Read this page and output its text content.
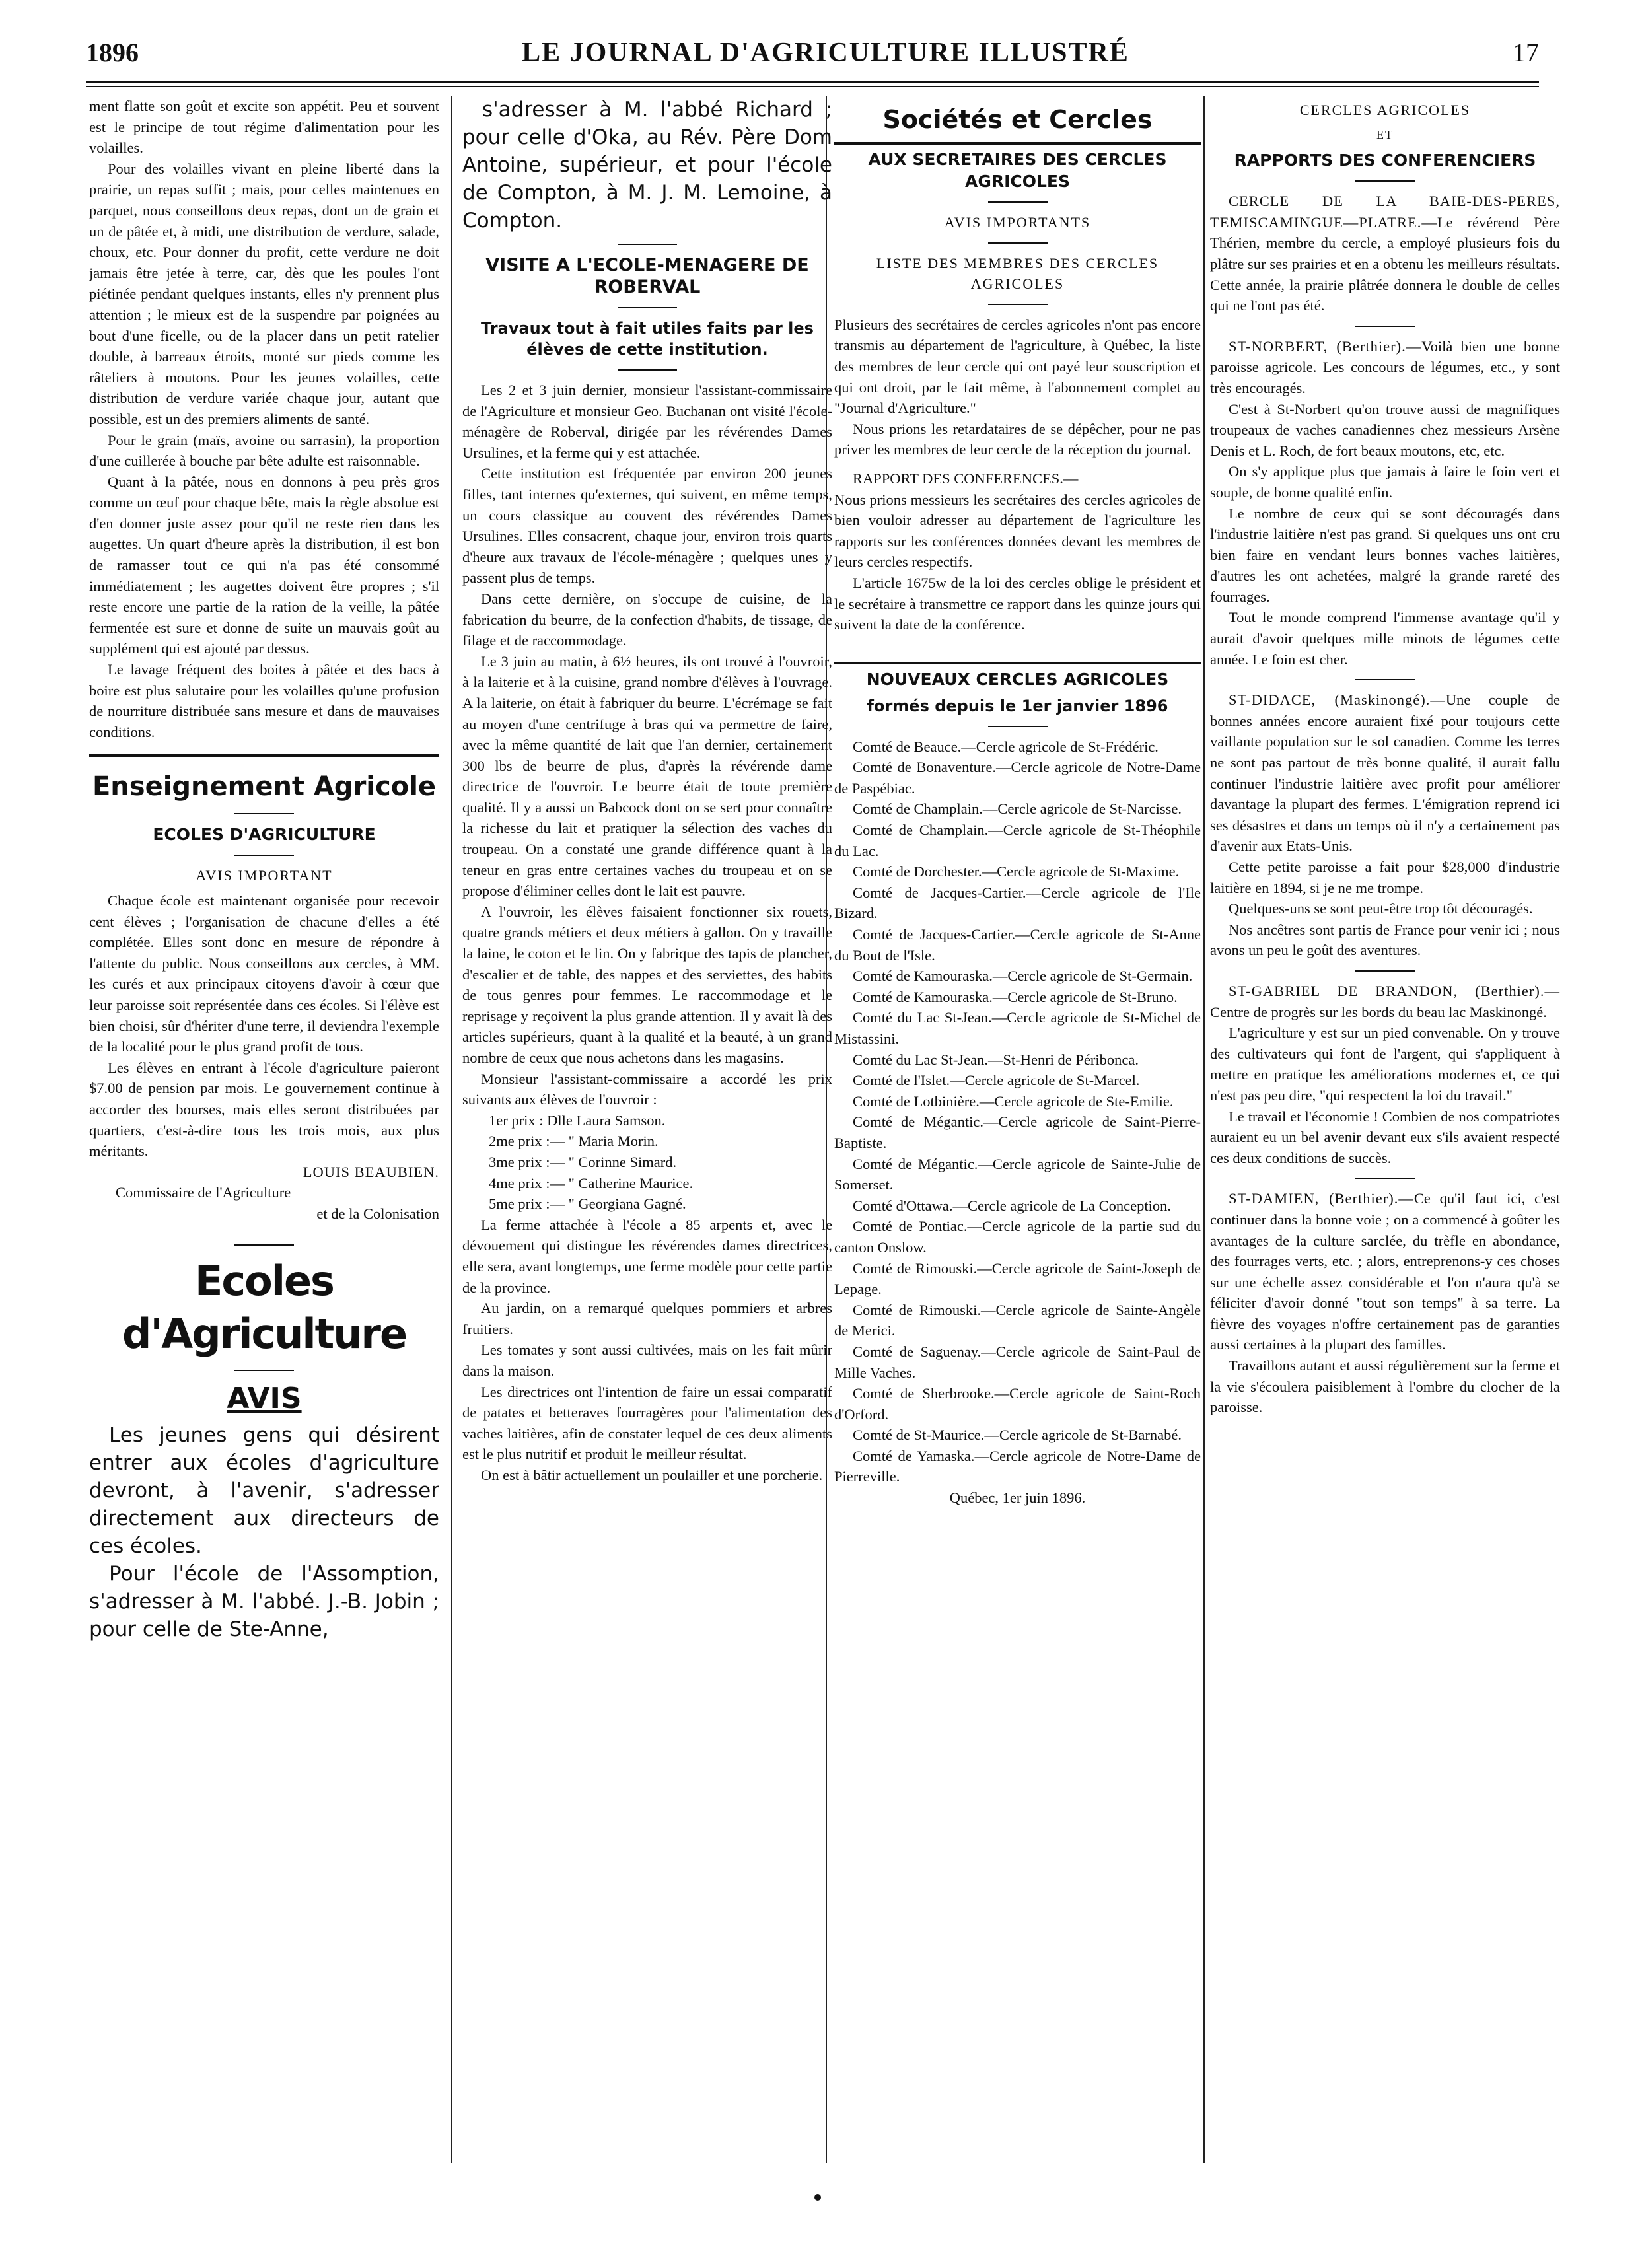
1896	LE JOURNAL D'AGRICULTURE ILLUSTRÉ	17

ment flatte son goût et excite son appétit. Peu et souvent est le principe de tout régime d'alimentation pour les volailles.

Pour des volailles vivant en pleine liberté dans la prairie, un repas suffit ; mais, pour celles maintenues en parquet, nous conseillons deux repas, dont un de grain et un de pâtée et, à midi, une distribution de verdure, salade, choux, etc. Pour donner du profit, cette verdure ne doit jamais être jetée à terre, car, dès que les poules l'ont piétinée pendant quelques instants, elles n'y prennent plus attention ; le mieux est de la suspendre par poignées au bout d'une ficelle, ou de la placer dans un petit ratelier double, à barreaux étroits, monté sur pieds comme les râteliers à moutons. Pour les jeunes volailles, cette distribution de verdure variée chaque jour, autant que possible, est un des premiers aliments de santé.

Pour le grain (maïs, avoine ou sarrasin), la proportion d'une cuillerée à bouche par bête adulte est raisonnable.

Quant à la pâtée, nous en donnons à peu près gros comme un œuf pour chaque bête, mais la règle absolue est d'en donner juste assez pour qu'il ne reste rien dans les augettes. Un quart d'heure après la distribution, il est bon de ramasser tout ce qui n'a pas été consommé immédiatement ; les augettes doivent être propres ; s'il reste encore une partie de la ration de la veille, la pâtée fermentée est sure et donne de suite un mauvais goût au supplément qui est ajouté par dessus.

Le lavage fréquent des boites à pâtée et des bacs à boire est plus salutaire pour les volailles qu'une profusion de nourriture distribuée sans mesure et dans de mauvaises conditions.

Enseignement Agricole
ECOLES D'AGRICULTURE
AVIS IMPORTANT

Chaque école est maintenant organisée pour recevoir cent élèves ; l'organisation de chacune d'elles a été complétée. Elles sont donc en mesure de répondre à l'attente du public. Nous conseillons aux cercles, à MM. les curés et aux principaux citoyens d'avoir à cœur que leur paroisse soit représentée dans ces écoles. Si l'élève est bien choisi, sûr d'hériter d'une terre, il deviendra l'exemple de la localité pour le plus grand profit de tous.

Les élèves en entrant à l'école d'agriculture paieront $7.00 de pension par mois. Le gouvernement continue à accorder des bourses, mais elles seront distribuées par quartiers, c'est-à-dire tous les trois mois, aux plus méritants.

LOUIS BEAUBIEN.

Commissaire de l'Agriculture

et de la Colonisation

Ecoles d'Agriculture
AVIS

Les jeunes gens qui désirent entrer aux écoles d'agriculture devront, à l'avenir, s'adresser directement aux directeurs de ces écoles.

Pour l'école de l'Assomption, s'adresser à M. l'abbé. J.-B. Jobin ; pour celle de Ste-Anne,

s'adresser à M. l'abbé Richard ; pour celle d'Oka, au Rév. Père Dom Antoine, supérieur, et pour l'école de Compton, à M. J. M. Lemoine, à Compton.

VISITE A L'ECOLE-MENAGERE DE ROBERVAL
Travaux tout à fait utiles faits par les élèves de cette institution.

Les 2 et 3 juin dernier, monsieur l'assistant-commissaire de l'Agriculture et monsieur Geo. Buchanan ont visité l'école-ménagère de Roberval, dirigée par les révérendes Dames Ursulines, et la ferme qui y est attachée.

Cette institution est fréquentée par environ 200 jeunes filles, tant internes qu'externes, qui suivent, en même temps, un cours classique au couvent des révérendes Dames Ursulines. Elles consacrent, chaque jour, environ trois quarts d'heure aux travaux de l'école-ménagère ; quelques unes y passent plus de temps.

Dans cette dernière, on s'occupe de cuisine, de la fabrication du beurre, de la confection d'habits, de tissage, de filage et de raccommodage.

Le 3 juin au matin, à 6½ heures, ils ont trouvé à l'ouvroir, à la laiterie et à la cuisine, grand nombre d'élèves à l'ouvrage. A la laiterie, on était à fabriquer du beurre. L'écrémage se fait au moyen d'une centrifuge à bras qui va permettre de faire, avec la même quantité de lait que l'an dernier, certainement 300 lbs de beurre de plus, d'après la révérende dame directrice de l'ouvroir. Le beurre était de toute première qualité. Il y a aussi un Babcock dont on se sert pour connaître la richesse du lait et pratiquer la sélection des vaches du troupeau. On a constaté une grande différence quant à la teneur en gras entre certaines vaches du troupeau et on se propose d'éliminer celles dont le lait est pauvre.

A l'ouvroir, les élèves faisaient fonctionner six rouets, quatre grands métiers et deux métiers à gallon. On y travaille la laine, le coton et le lin. On y fabrique des tapis de plancher, d'escalier et de table, des nappes et des serviettes, des habits de tous genres pour femmes. Le raccommodage et le reprisage y reçoivent la plus grande attention. Il y avait là des articles supérieurs, quant à la qualité et la beauté, à un grand nombre de ceux que nous achetons dans les magasins.

Monsieur l'assistant-commissaire a accordé les prix suivants aux élèves de l'ouvroir :

1er prix : Dlle Laura Samson.

2me prix :— " Maria Morin.

3me prix :— " Corinne Simard.

4me prix :— " Catherine Maurice.

5me prix :— " Georgiana Gagné.

La ferme attachée à l'école a 85 arpents et, avec le dévouement qui distingue les révérendes dames directrices, elle sera, avant longtemps, une ferme modèle pour cette partie de la province.

Au jardin, on a remarqué quelques pommiers et arbres fruitiers.

Les tomates y sont aussi cultivées, mais on les fait mûrir dans la maison.

Les directrices ont l'intention de faire un essai comparatif de patates et betteraves fourragères pour l'alimentation des vaches laitières, afin de constater lequel de ces deux aliments est le plus nutritif et produit le meilleur résultat.

On est à bâtir actuellement un poulailler et une porcherie.

Sociétés et Cercles
AUX SECRETAIRES DES CERCLES AGRICOLES
AVIS IMPORTANTS
LISTE DES MEMBRES DES CERCLES AGRICOLES

Plusieurs des secrétaires de cercles agricoles n'ont pas encore transmis au département de l'agriculture, à Québec, la liste des membres de leur cercle qui ont payé leur souscription et qui ont droit, par le fait même, à l'abonnement complet au "Journal d'Agriculture."

Nous prions les retardataires de se dépêcher, pour ne pas priver les membres de leur cercle de la réception du journal.

RAPPORT DES CONFERENCES.—

Nous prions messieurs les secrétaires des cercles agricoles de bien vouloir adresser au département de l'agriculture les rapports sur les conférences données devant les membres de leurs cercles respectifs.

L'article 1675w de la loi des cercles oblige le président et le secrétaire à transmettre ce rapport dans les quinze jours qui suivent la date de la conférence.

NOUVEAUX CERCLES AGRICOLES
formés depuis le 1er janvier 1896

Comté de Beauce.—Cercle agricole de St-Frédéric.

Comté de Bonaventure.—Cercle agricole de Notre-Dame de Paspébiac.

Comté de Champlain.—Cercle agricole de St-Narcisse.

Comté de Champlain.—Cercle agricole de St-Théophile du Lac.

Comté de Dorchester.—Cercle agricole de St-Maxime.

Comté de Jacques-Cartier.—Cercle agricole de l'Ile Bizard.

Comté de Jacques-Cartier.—Cercle agricole de St-Anne du Bout de l'Isle.

Comté de Kamouraska.—Cercle agricole de St-Germain.

Comté de Kamouraska.—Cercle agricole de St-Bruno.

Comté du Lac St-Jean.—Cercle agricole de St-Michel de Mistassini.

Comté du Lac St-Jean.—St-Henri de Péribonca.

Comté de l'Islet.—Cercle agricole de St-Marcel.

Comté de Lotbinière.—Cercle agricole de Ste-Emilie.

Comté de Mégantic.—Cercle agricole de Saint-Pierre-Baptiste.

Comté de Mégantic.—Cercle agricole de Sainte-Julie de Somerset.

Comté d'Ottawa.—Cercle agricole de La Conception.

Comté de Pontiac.—Cercle agricole de la partie sud du canton Onslow.

Comté de Rimouski.—Cercle agricole de Saint-Joseph de Lepage.

Comté de Rimouski.—Cercle agricole de Sainte-Angèle de Merici.

Comté de Saguenay.—Cercle agricole de Saint-Paul de Mille Vaches.

Comté de Sherbrooke.—Cercle agricole de Saint-Roch d'Orford.

Comté de St-Maurice.—Cercle agricole de St-Barnabé.

Comté de Yamaska.—Cercle agricole de Notre-Dame de Pierreville.

Québec, 1er juin 1896.

CERCLES AGRICOLES
ET
RAPPORTS DES CONFERENCIERS

CERCLE DE LA BAIE-DES-PERES, TEMISCAMINGUE—PLATRE.—Le révérend Père Thérien, membre du cercle, a employé plusieurs fois du plâtre sur ses prairies et en a obtenu les meilleurs résultats. Cette année, la prairie plâtrée donnera le double de celles qui ne l'ont pas été.

ST-NORBERT, (Berthier).—Voilà bien une bonne paroisse agricole. Les concours de légumes, etc., y sont très encouragés.

C'est à St-Norbert qu'on trouve aussi de magnifiques troupeaux de vaches canadiennes chez messieurs Arsène Denis et L. Roch, de fort beaux moutons, etc, etc.

On s'y applique plus que jamais à faire le foin vert et souple, de bonne qualité enfin.

Le nombre de ceux qui se sont découragés dans l'industrie laitière n'est pas grand. Si quelques uns ont cru bien faire en vendant leurs bonnes vaches laitières, d'autres les ont achetées, malgré la grande rareté des fourrages.

Tout le monde comprend l'immense avantage qu'il y aurait d'avoir quelques mille minots de légumes cette année. Le foin est cher.

ST-DIDACE, (Maskinongé).—Une couple de bonnes années encore auraient fixé pour toujours cette vaillante population sur le sol canadien. Comme les terres ne sont pas partout de très bonne qualité, il aurait fallu continuer l'industrie laitière avec profit pour améliorer davantage la plupart des fermes. L'émigration reprend ici ses désastres et dans un temps où il n'y a certainement pas d'avenir aux Etats-Unis.

Cette petite paroisse a fait pour $28,000 d'industrie laitière en 1894, si je ne me trompe.

Quelques-uns se sont peut-être trop tôt découragés.

Nos ancêtres sont partis de France pour venir ici ; nous avons un peu le goût des aventures.

ST-GABRIEL DE BRANDON, (Berthier).—Centre de progrès sur les bords du beau lac Maskinongé.

L'agriculture y est sur un pied convenable. On y trouve des cultivateurs qui font de l'argent, qui s'appliquent à mettre en pratique les améliorations modernes et, ce qui n'est pas peu dire, "qui respectent la loi du travail."

Le travail et l'économie ! Combien de nos compatriotes auraient eu un bel avenir devant eux s'ils avaient respecté ces deux conditions de succès.

ST-DAMIEN, (Berthier).—Ce qu'il faut ici, c'est continuer dans la bonne voie ; on a commencé à goûter les avantages de la culture sarclée, du trèfle en abondance, des fourrages verts, etc. ; alors, entreprenons-y ces choses sur une échelle assez considérable et l'on n'aura qu'à se féliciter d'avoir donné "tout son temps" à sa terre. La fièvre des voyages n'offre certainement pas de garanties aussi certaines à la plupart des familles.

Travaillons autant et aussi régulièrement sur la ferme et la vie s'écoulera paisiblement à l'ombre du clocher de la paroisse.
